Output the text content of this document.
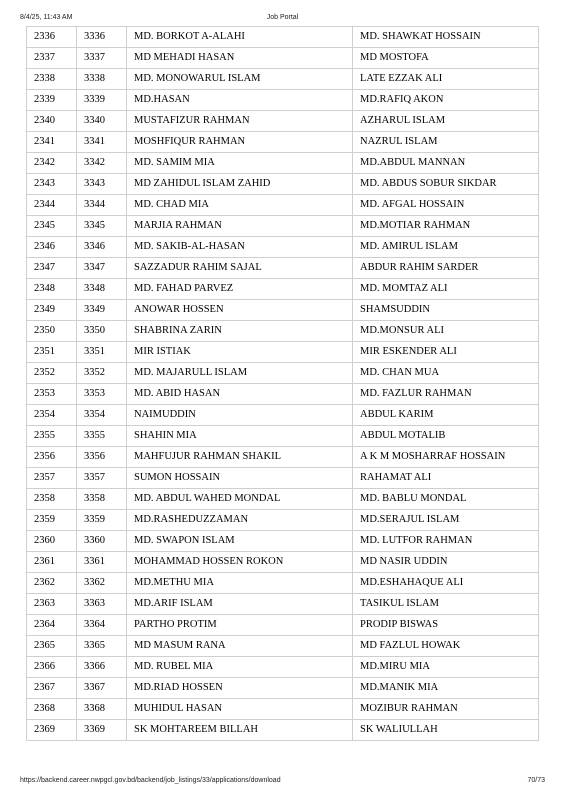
8/4/25, 11:43 AM	Job Portal
2336	3336	MD. BORKOT A-ALAHI	MD. SHAWKAT HOSSAIN
2337	3337	MD MEHADI HASAN	MD MOSTOFA
2338	3338	MD. MONOWARUL ISLAM	LATE EZZAK ALI
2339	3339	MD.HASAN	MD.RAFIQ AKON
2340	3340	MUSTAFIZUR RAHMAN	AZHARUL ISLAM
2341	3341	MOSHFIQUR RAHMAN	NAZRUL ISLAM
2342	3342	MD. SAMIM MIA	MD.ABDUL MANNAN
2343	3343	MD ZAHIDUL ISLAM ZAHID	MD. ABDUS SOBUR SIKDAR
2344	3344	MD. CHAD MIA	MD. AFGAL HOSSAIN
2345	3345	MARJIA RAHMAN	MD.MOTIAR RAHMAN
2346	3346	MD. SAKIB-AL-HASAN	MD. AMIRUL ISLAM
2347	3347	SAZZADUR RAHIM SAJAL	ABDUR RAHIM SARDER
2348	3348	MD. FAHAD PARVEZ	MD. MOMTAZ ALI
2349	3349	ANOWAR HOSSEN	SHAMSUDDIN
2350	3350	SHABRINA ZARIN	MD.MONSUR ALI
2351	3351	MIR ISTIAK	MIR ESKENDER ALI
2352	3352	MD. MAJARULL ISLAM	MD. CHAN MUA
2353	3353	MD. ABID HASAN	MD. FAZLUR RAHMAN
2354	3354	NAIMUDDIN	ABDUL KARIM
2355	3355	SHAHIN MIA	ABDUL MOTALIB
2356	3356	MAHFUJUR RAHMAN SHAKIL	A K M MOSHARRAF HOSSAIN
2357	3357	SUMON HOSSAIN	RAHAMAT ALI
2358	3358	MD. ABDUL WAHED MONDAL	MD. BABLU MONDAL
2359	3359	MD.RASHEDUZZAMAN	MD.SERAJUL ISLAM
2360	3360	MD. SWAPON ISLAM	MD. LUTFOR RAHMAN
2361	3361	MOHAMMAD HOSSEN ROKON	MD NASIR UDDIN
2362	3362	MD.METHU MIA	MD.ESHAHAQUE ALI
2363	3363	MD.ARIF ISLAM	TASIKUL ISLAM
2364	3364	PARTHO PROTIM	PRODIP BISWAS
2365	3365	MD MASUM RANA	MD FAZLUL HOWAK
2366	3366	MD. RUBEL MIA	MD.MIRU MIA
2367	3367	MD.RIAD HOSSEN	MD.MANIK MIA
2368	3368	MUHIDUL HASAN	MOZIBUR RAHMAN
2369	3369	SK MOHTAREEM BILLAH	SK WALIULLAH
https://backend.career.nwpgcl.gov.bd/backend/job_listings/33/applications/download	70/73
